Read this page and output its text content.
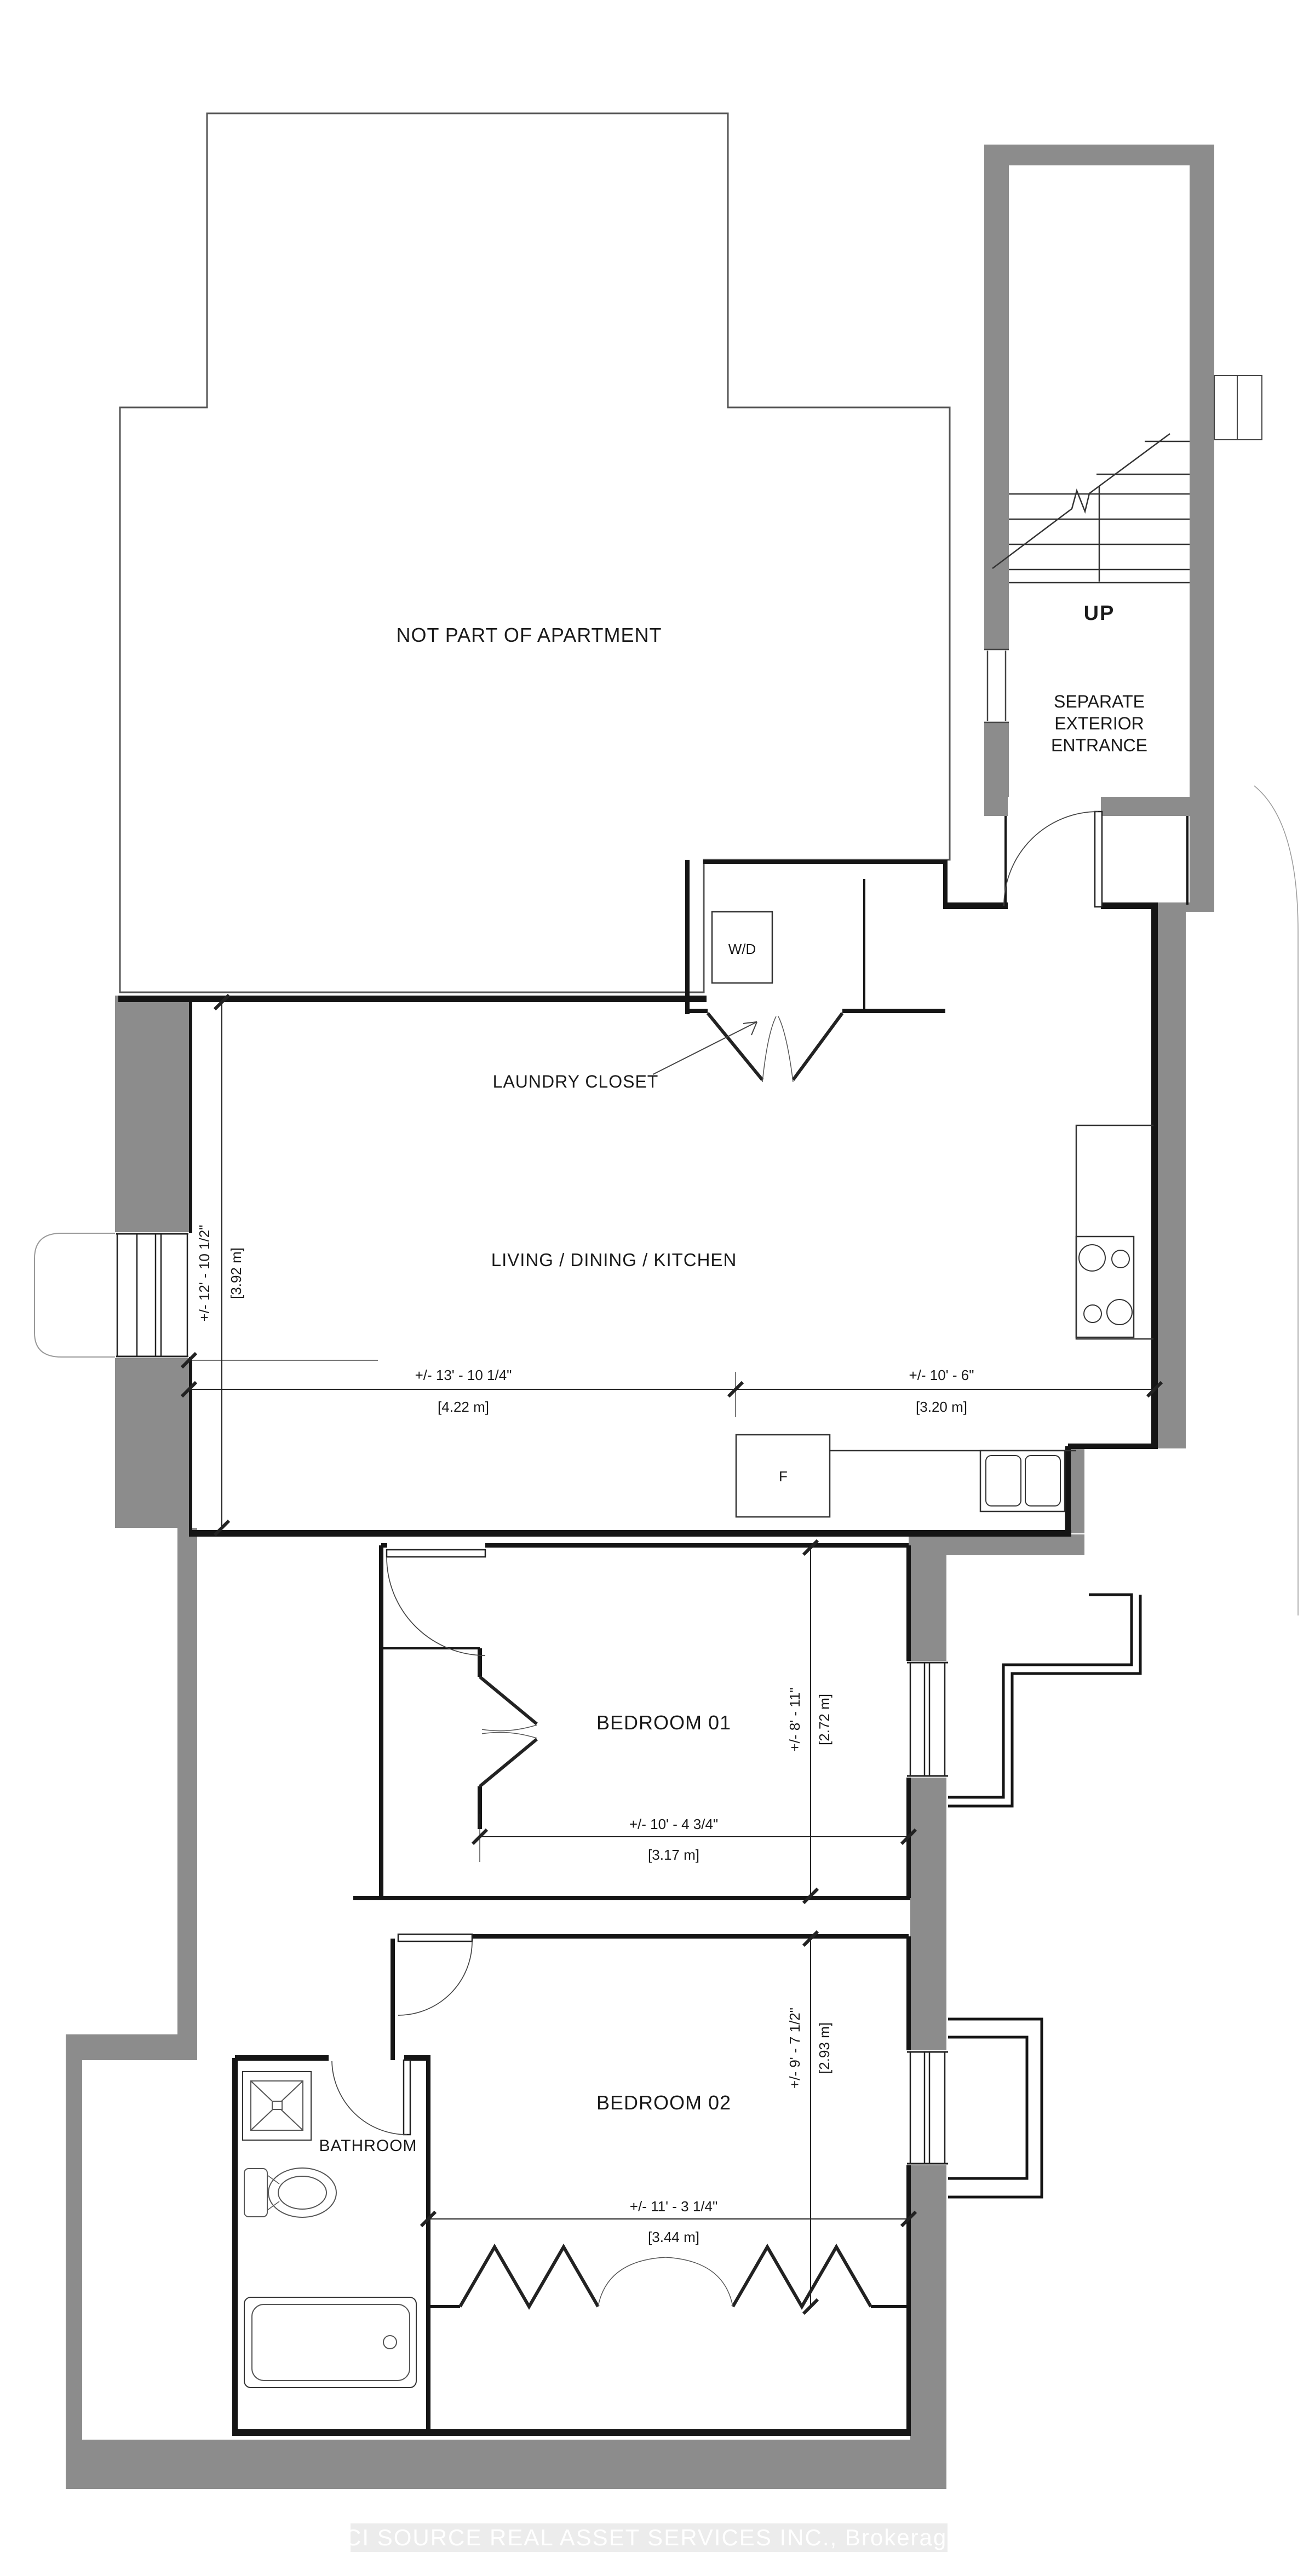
NOT PART OF APARTMENT
UP
SEPARATE
EXTERIOR
ENTRANCE
LAUNDRY CLOSET
W/D
LIVING / DINING / KITCHEN
F
BEDROOM 01
BEDROOM 02
BATHROOM
+/- 13' - 10 1/4"
[4.22 m]
+/- 10' - 6"
[3.20 m]
+/- 12' - 10 1/2" [3.92 m]
+/- 8' - 11" [2.72 m]
+/- 10' - 4 3/4"
[3.17 m]
+/- 9' - 7 1/2" [2.93 m]
+/- 11' - 3 1/4"
[3.44 m]
ICI SOURCE REAL ASSET SERVICES INC., Brokerage
